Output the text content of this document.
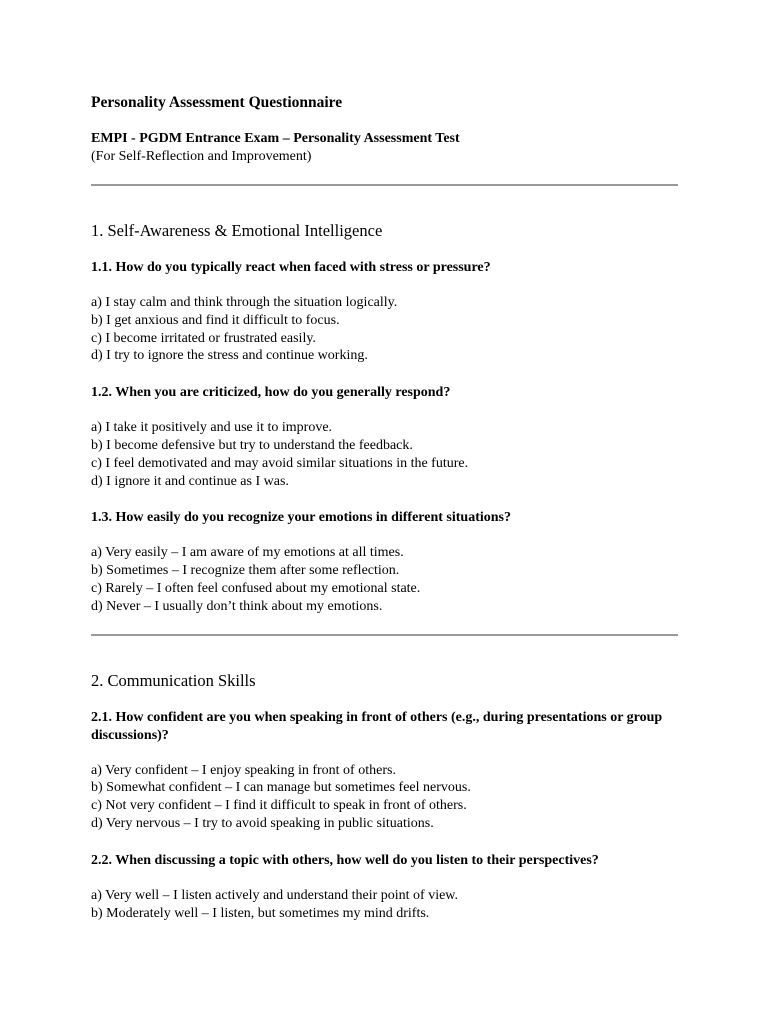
Personality Assessment Questionnaire
EMPI - PGDM Entrance Exam – Personality Assessment Test
(For Self-Reflection and Improvement)
1. Self-Awareness & Emotional Intelligence
1.1. How do you typically react when faced with stress or pressure?
a) I stay calm and think through the situation logically.
b) I get anxious and find it difficult to focus.
c) I become irritated or frustrated easily.
d) I try to ignore the stress and continue working.
1.2. When you are criticized, how do you generally respond?
a) I take it positively and use it to improve.
b) I become defensive but try to understand the feedback.
c) I feel demotivated and may avoid similar situations in the future.
d) I ignore it and continue as I was.
1.3. How easily do you recognize your emotions in different situations?
a) Very easily – I am aware of my emotions at all times.
b) Sometimes – I recognize them after some reflection.
c) Rarely – I often feel confused about my emotional state.
d) Never – I usually don’t think about my emotions.
2. Communication Skills
2.1. How confident are you when speaking in front of others (e.g., during presentations or group discussions)?
a) Very confident – I enjoy speaking in front of others.
b) Somewhat confident – I can manage but sometimes feel nervous.
c) Not very confident – I find it difficult to speak in front of others.
d) Very nervous – I try to avoid speaking in public situations.
2.2. When discussing a topic with others, how well do you listen to their perspectives?
a) Very well – I listen actively and understand their point of view.
b) Moderately well – I listen, but sometimes my mind drifts.
